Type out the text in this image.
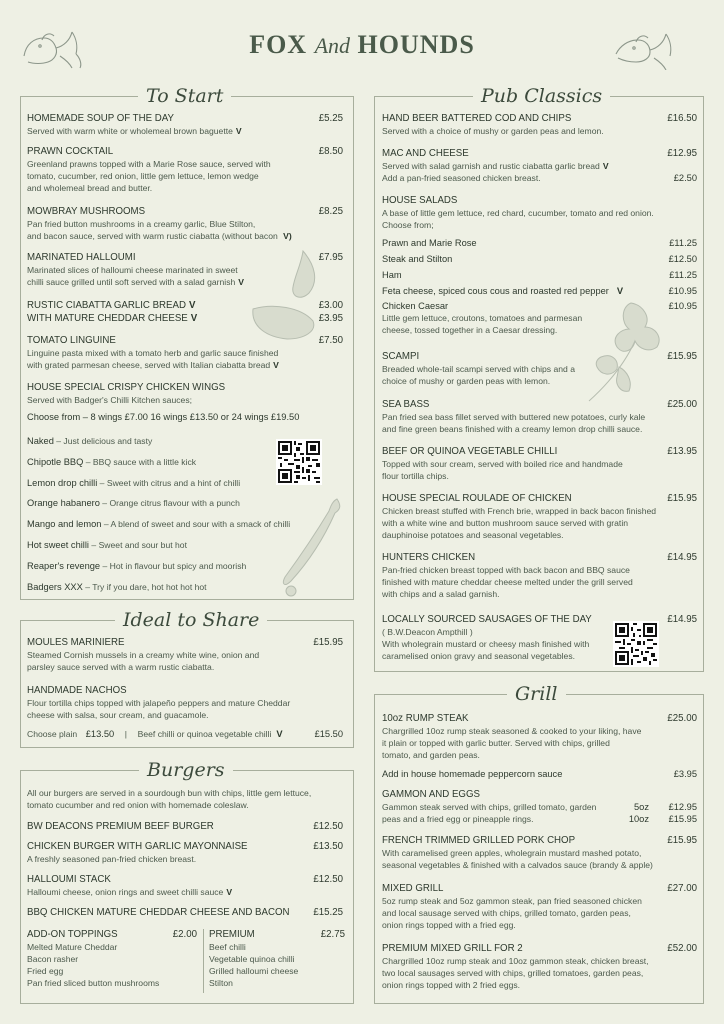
FOX And HOUNDS
To Start
HOMEMADE SOUP OF THE DAY	£5.25
Served with warm white or wholemeal brown baguette V
PRAWN COCKTAIL	£8.50
Greenland prawns topped with a Marie Rose sauce, served with
tomato, cucumber, red onion, little gem lettuce, lemon wedge
and wholemeal bread and butter.
MOWBRAY MUSHROOMS	£8.25
Pan fried button mushrooms in a creamy garlic, Blue Stilton,
and bacon sauce, served with warm rustic ciabatta (without bacon V)
MARINATED HALLOUMI	£7.95
Marinated slices of halloumi cheese marinated in sweet
chilli sauce grilled until soft served with a salad garnish V
RUSTIC CIABATTA GARLIC BREAD V	£3.00
WITH MATURE CHEDDAR CHEESE V	£3.95
TOMATO LINGUINE	£7.50
Linguine pasta mixed with a tomato herb and garlic sauce finished
with grated parmesan cheese, served with Italian ciabatta bread V
HOUSE SPECIAL CRISPY CHICKEN WINGS
Served with Badger's Chilli Kitchen sauces;
Choose from – 8 wings £7.00 16 wings £13.50 or 24 wings £19.50
Naked – Just delicious and tasty
Chipotle BBQ – BBQ sauce with a little kick
Lemon drop chilli – Sweet with citrus and a hint of chilli
Orange habanero – Orange citrus flavour with a punch
Mango and lemon – A blend of sweet and sour with a smack of chilli
Hot sweet chilli – Sweet and sour but hot
Reaper's revenge – Hot in flavour but spicy and moorish
Badgers XXX – Try if you dare, hot hot hot hot
Ideal to Share
MOULES MARINIERE	£15.95
Steamed Cornish mussels in a creamy white wine, onion and
parsley sauce served with a warm rustic ciabatta.
HANDMADE NACHOS
Flour tortilla chips topped with jalapeño peppers and mature Cheddar
cheese with salsa, sour cream, and guacamole.
Choose plain £13.50 | Beef chilli or quinoa vegetable chilli V	£15.50
Burgers
All our burgers are served in a sourdough bun with chips, little gem lettuce,
tomato cucumber and red onion with homemade coleslaw.
BW DEACONS PREMIUM BEEF BURGER	£12.50
CHICKEN BURGER WITH GARLIC MAYONNAISE	£13.50
A freshly seasoned pan-fried chicken breast.
HALLOUMI STACK	£12.50
Halloumi cheese, onion rings and sweet chilli sauce V
BBQ CHICKEN MATURE CHEDDAR CHEESE AND BACON	£15.25
ADD-ON TOPPINGS	£2.00
Melted Mature Cheddar
Bacon rasher
Fried egg
Pan fried sliced button mushrooms
PREMIUM	£2.75
Beef chilli
Vegetable quinoa chilli
Grilled halloumi cheese
Stilton
Pub Classics
HAND BEER BATTERED COD AND CHIPS	£16.50
Served with a choice of mushy or garden peas and lemon.
MAC AND CHEESE	£12.95
Served with salad garnish and rustic ciabatta garlic bread V
Add a pan-fried seasoned chicken breast.	£2.50
HOUSE SALADS
A base of little gem lettuce, red chard, cucumber, tomato and red onion.
Choose from;
Prawn and Marie Rose	£11.25
Steak and Stilton	£12.50
Ham	£11.25
Feta cheese, spiced cous cous and roasted red pepper V	£10.95
Chicken Caesar	£10.95
Little gem lettuce, croutons, tomatoes and parmesan
cheese, tossed together in a Caesar dressing.
SCAMPI	£15.95
Breaded whole-tail scampi served with chips and a
choice of mushy or garden peas with lemon.
SEA BASS	£25.00
Pan fried sea bass fillet served with buttered new potatoes, curly kale
and fine green beans finished with a creamy lemon drop chilli sauce.
BEEF OR QUINOA VEGETABLE CHILLI	£13.95
Topped with sour cream, served with boiled rice and handmade
flour tortilla chips.
HOUSE SPECIAL ROULADE OF CHICKEN	£15.95
Chicken breast stuffed with French brie, wrapped in back bacon finished
with a white wine and button mushroom sauce served with gratin
dauphinoise potatoes and seasonal vegetables.
HUNTERS CHICKEN	£14.95
Pan-fried chicken breast topped with back bacon and BBQ sauce
finished with mature cheddar cheese melted under the grill served
with chips and a salad garnish.
LOCALLY SOURCED SAUSAGES OF THE DAY	£14.95
( B.W.Deacon Ampthill )
With wholegrain mustard or cheesy mash finished with
caramelised onion gravy and seasonal vegetables.
Grill
10oz RUMP STEAK	£25.00
Chargrilled 10oz rump steak seasoned & cooked to your liking, have
it plain or topped with garlic butter. Served with chips, grilled
tomato, and garden peas.
Add in house homemade peppercorn sauce	£3.95
GAMMON AND EGGS
Gammon steak served with chips, grilled tomato, garden	5oz £12.95
peas and a fried egg or pineapple rings.	10oz £15.95
FRENCH TRIMMED GRILLED PORK CHOP	£15.95
With caramelised green apples, wholegrain mustard mashed potato,
seasonal vegetables & finished with a calvados sauce (brandy & apple)
MIXED GRILL	£27.00
5oz rump steak and 5oz gammon steak, pan fried seasoned chicken
and local sausage served with chips, grilled tomato, garden peas,
onion rings topped with a fried egg.
PREMIUM MIXED GRILL FOR 2	£52.00
Chargrilled 10oz rump steak and 10oz gammon steak, chicken breast,
two local sausages served with chips, grilled tomatoes, garden peas,
onion rings topped with 2 fried eggs.
